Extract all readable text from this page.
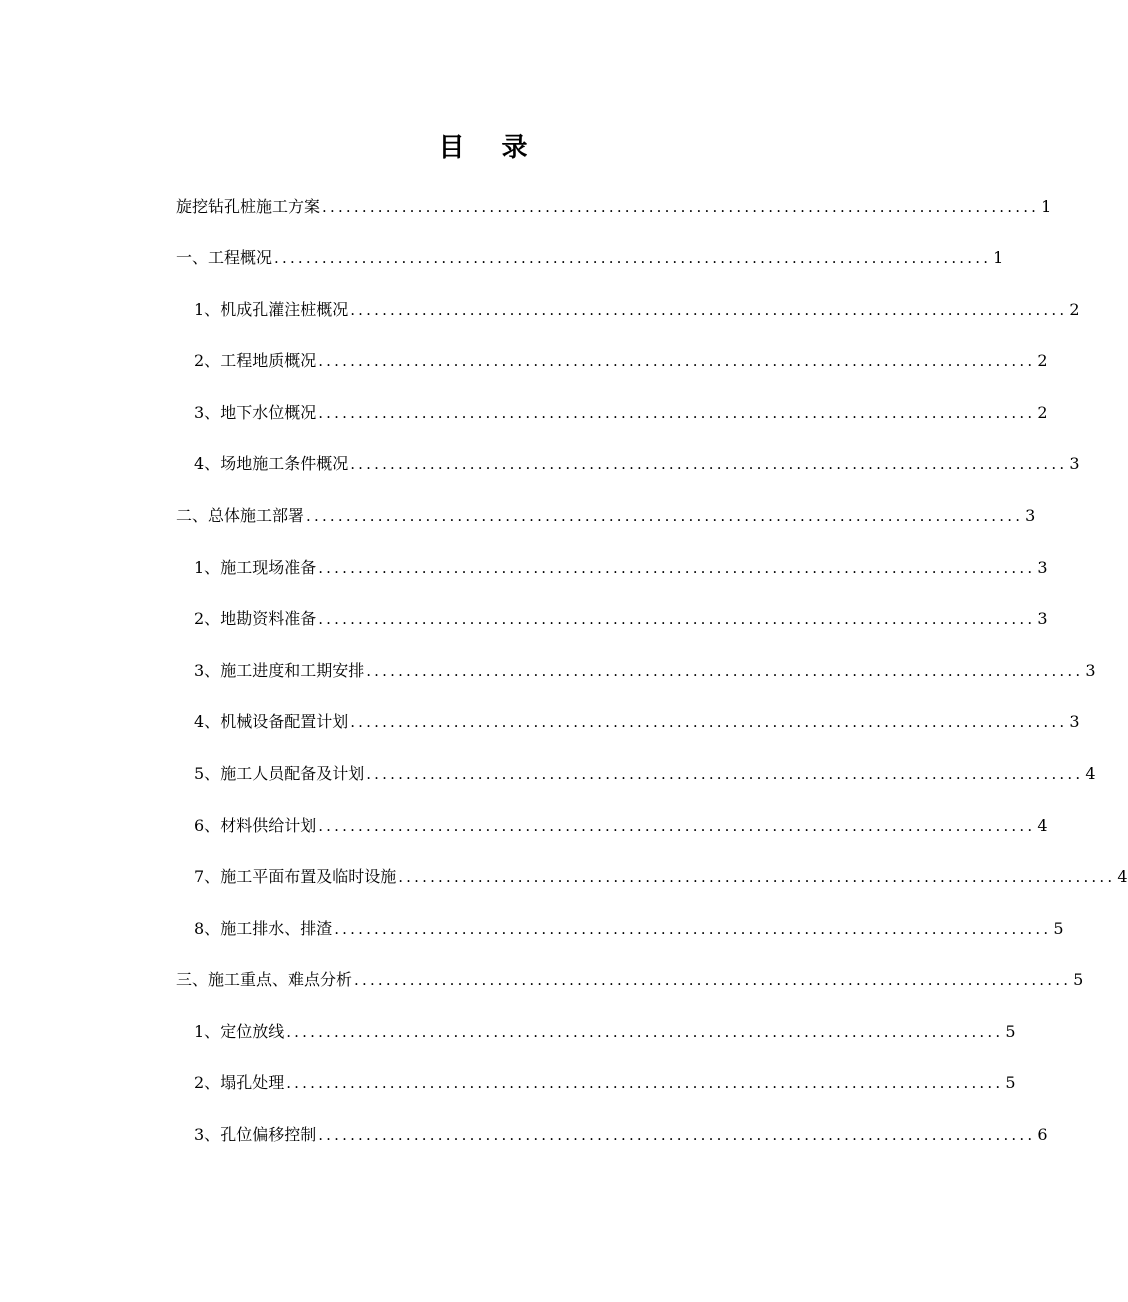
目 录
旋挖钻孔桩施工方案 .......................................................................................... 1
一、 工程概况 .......................................................................................... 1
1、 机成孔灌注桩概况 .......................................................................................... 2
2、 工程地质概况 .......................................................................................... 2
3、 地下水位概况 .......................................................................................... 2
4、 场地施工条件概况 .......................................................................................... 3
二、 总体施工部署 .......................................................................................... 3
1、 施工现场准备 .......................................................................................... 3
2、 地勘资料准备 .......................................................................................... 3
3、 施工进度和工期安排 .......................................................................................... 3
4、 机械设备配置计划 .......................................................................................... 3
5、 施工人员配备及计划 .......................................................................................... 4
6、 材料供给计划 .......................................................................................... 4
7、 施工平面布置及临时设施 .......................................................................................... 4
8、 施工排水、排渣 .......................................................................................... 5
三、 施工重点、难点分析 .......................................................................................... 5
1、 定位放线 .......................................................................................... 5
2、 塌孔处理 .......................................................................................... 5
3、 孔位偏移控制 .......................................................................................... 6
